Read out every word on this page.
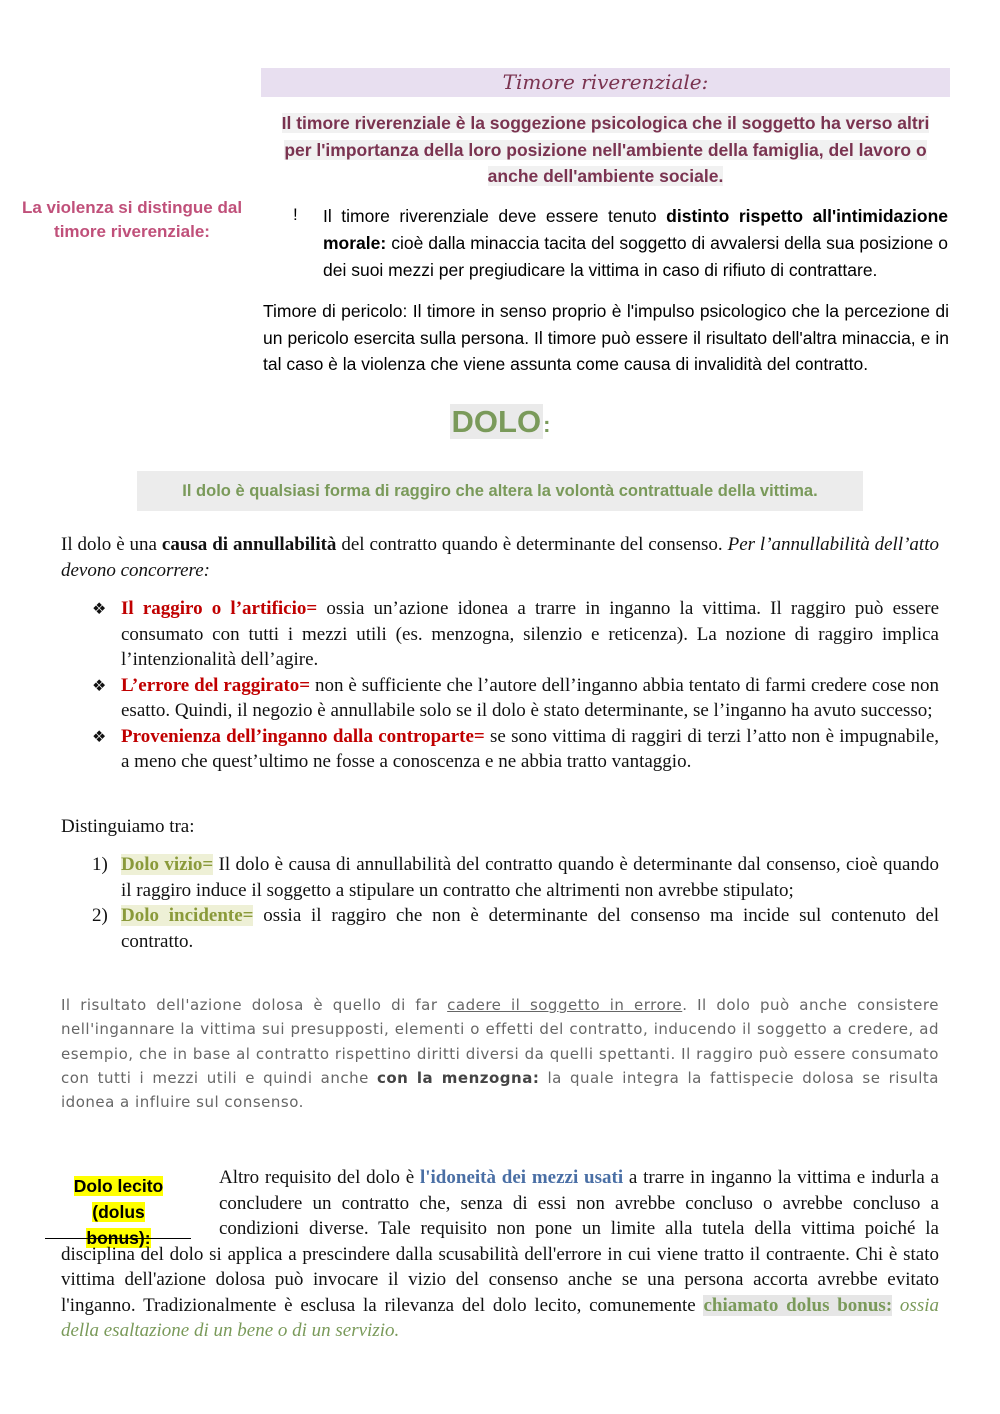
Timore riverenziale:
Il timore riverenziale è la soggezione psicologica che il soggetto ha verso altri per l'importanza della loro posizione nell'ambiente della famiglia, del lavoro o anche dell'ambiente sociale.
La violenza si distingue dal timore riverenziale:
! Il timore riverenziale deve essere tenuto distinto rispetto all'intimidazione morale: cioè dalla minaccia tacita del soggetto di avvalersi della sua posizione o dei suoi mezzi per pregiudicare la vittima in caso di rifiuto di contrattare.
Timore di pericolo: Il timore in senso proprio è l'impulso psicologico che la percezione di un pericolo esercita sulla persona. Il timore può essere il risultato dell'altra minaccia, e in tal caso è la violenza che viene assunta come causa di invalidità del contratto.
DOLO:
Il dolo è qualsiasi forma di raggiro che altera la volontà contrattuale della vittima.
Il dolo è una causa di annullabilità del contratto quando è determinante del consenso. Per l’annullabilità dell’atto devono concorrere:
❖ Il raggiro o l’artificio= ossia un’azione idonea a trarre in inganno la vittima. Il raggiro può essere consumato con tutti i mezzi utili (es. menzogna, silenzio e reticenza). La nozione di raggiro implica l’intenzionalità dell’agire.
❖ L’errore del raggirato= non è sufficiente che l’autore dell’inganno abbia tentato di farmi credere cose non esatto. Quindi, il negozio è annullabile solo se il dolo è stato determinante, se l’inganno ha avuto successo;
❖ Provenienza dell’inganno dalla controparte= se sono vittima di raggiri di terzi l’atto non è impugnabile, a meno che quest’ultimo ne fosse a conoscenza e ne abbia tratto vantaggio.
Distinguiamo tra:
1) Dolo vizio= Il dolo è causa di annullabilità del contratto quando è determinante dal consenso, cioè quando il raggiro induce il soggetto a stipulare un contratto che altrimenti non avrebbe stipulato;
2) Dolo incidente= ossia il raggiro che non è determinante del consenso ma incide sul contenuto del contratto.
Il risultato dell'azione dolosa è quello di far cadere il soggetto in errore. Il dolo può anche consistere nell'ingannare la vittima sui presupposti, elementi o effetti del contratto, inducendo il soggetto a credere, ad esempio, che in base al contratto rispettino diritti diversi da quelli spettanti. Il raggiro può essere consumato con tutti i mezzi utili e quindi anche con la menzogna: la quale integra la fattispecie dolosa se risulta idonea a influire sul consenso.
Dolo lecito
(dolus bonus):
Altro requisito del dolo è l'idoneità dei mezzi usati a trarre in inganno la vittima e indurla a concludere un contratto che, senza di essi non avrebbe concluso o avrebbe concluso a condizioni diverse. Tale requisito non pone un limite alla tutela della vittima poiché la disciplina del dolo si applica a prescindere dalla scusabilità dell'errore in cui viene tratto il contraente. Chi è stato vittima dell'azione dolosa può invocare il vizio del consenso anche se una persona accorta avrebbe evitato l'inganno. Tradizionalmente è esclusa la rilevanza del dolo lecito, comunemente chiamato dolus bonus: ossia della esaltazione di un bene o di un servizio.
